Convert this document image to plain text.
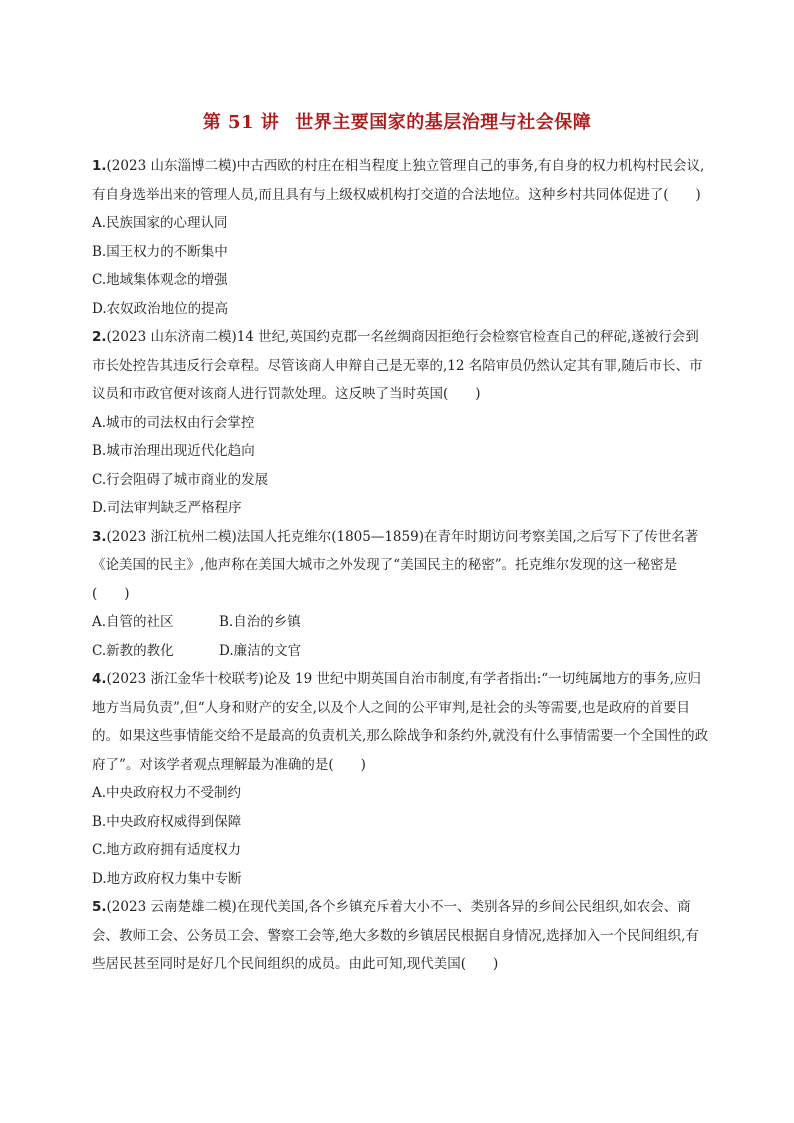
第 51 讲 世界主要国家的基层治理与社会保障

1.(2023 山东淄博二模)中古西欧的村庄在相当程度上独立管理自己的事务,有自身的权力机构村民会议,有自身选举出来的管理人员,而且具有与上级权威机构打交道的合法地位。这种乡村共同体促进了(　　)

A.民族国家的心理认同

B.国王权力的不断集中

C.地域集体观念的增强

D.农奴政治地位的提高

2.(2023 山东济南二模)14 世纪,英国约克郡一名丝绸商因拒绝行会检察官检查自己的秤砣,遂被行会到市长处控告其违反行会章程。尽管该商人申辩自己是无辜的,12 名陪审员仍然认定其有罪,随后市长、市议员和市政官便对该商人进行罚款处理。这反映了当时英国(　　)

A.城市的司法权由行会掌控

B.城市治理出现近代化趋向

C.行会阻碍了城市商业的发展

D.司法审判缺乏严格程序

3.(2023 浙江杭州二模)法国人托克维尔(1805—1859)在青年时期访问考察美国,之后写下了传世名著《论美国的民主》,他声称在美国大城市之外发现了“美国民主的秘密”。托克维尔发现的这一秘密是(　　)

A.自管的社区	B.自治的乡镇
C.新教的教化	D.廉洁的文官

4.(2023 浙江金华十校联考)论及 19 世纪中期英国自治市制度,有学者指出:“一切纯属地方的事务,应归地方当局负责”,但“人身和财产的安全,以及个人之间的公平审判,是社会的头等需要,也是政府的首要目的。如果这些事情能交给不是最高的负责机关,那么除战争和条约外,就没有什么事情需要一个全国性的政府了”。对该学者观点理解最为准确的是(　　)

A.中央政府权力不受制约

B.中央政府权威得到保障

C.地方政府拥有适度权力

D.地方政府权力集中专断

5.(2023 云南楚雄二模)在现代美国,各个乡镇充斥着大小不一、类别各异的乡间公民组织,如农会、商会、教师工会、公务员工会、警察工会等,绝大多数的乡镇居民根据自身情况,选择加入一个民间组织,有些居民甚至同时是好几个民间组织的成员。由此可知,现代美国(　　)
